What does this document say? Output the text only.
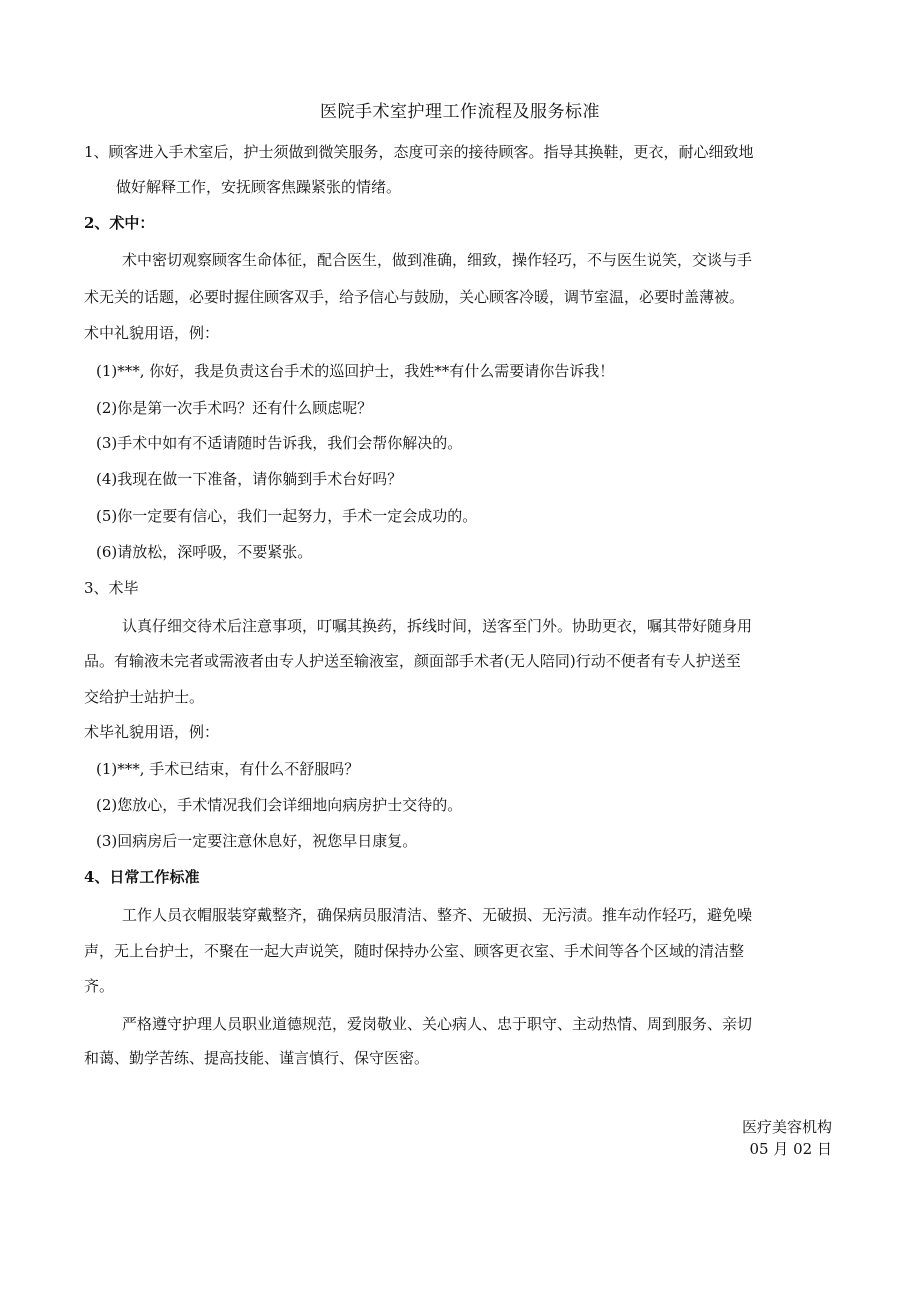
医院手术室护理工作流程及服务标准
1、顾客进入手术室后，护士须做到微笑服务，态度可亲的接待顾客。指导其换鞋，更衣，耐心细致地
做好解释工作，安抚顾客焦躁紧张的情绪。
2、术中：
术中密切观察顾客生命体征，配合医生，做到准确，细致，操作轻巧，不与医生说笑，交谈与手
术无关的话题，必要时握住顾客双手，给予信心与鼓励，关心顾客冷暖，调节室温，必要时盖薄被。
术中礼貌用语，例：
(1)***, 你好，我是负责这台手术的巡回护士，我姓**有什么需要请你告诉我！
(2)你是第一次手术吗？还有什么顾虑呢？
(3)手术中如有不适请随时告诉我，我们会帮你解决的。
(4)我现在做一下准备，请你躺到手术台好吗？
(5)你一定要有信心，我们一起努力，手术一定会成功的。
(6)请放松，深呼吸，不要紧张。
3、术毕
认真仔细交待术后注意事项，叮嘱其换药，拆线时间，送客至门外。协助更衣，嘱其带好随身用
品。有输液未完者或需液者由专人护送至输液室，颜面部手术者(无人陪同)行动不便者有专人护送至
交给护士站护士。
术毕礼貌用语，例：
(1)***, 手术已结束，有什么不舒服吗？
(2)您放心，手术情况我们会详细地向病房护士交待的。
(3)回病房后一定要注意休息好，祝您早日康复。
4、日常工作标准
工作人员衣帽服装穿戴整齐，确保病员服清洁、整齐、无破损、无污渍。推车动作轻巧，避免噪
声，无上台护士，不聚在一起大声说笑，随时保持办公室、顾客更衣室、手术间等各个区域的清洁整
齐。
严格遵守护理人员职业道德规范，爱岗敬业、关心病人、忠于职守、主动热情、周到服务、亲切
和蔼、勤学苦练、提高技能、谨言慎行、保守医密。
医疗美容机构
05 月 02 日
